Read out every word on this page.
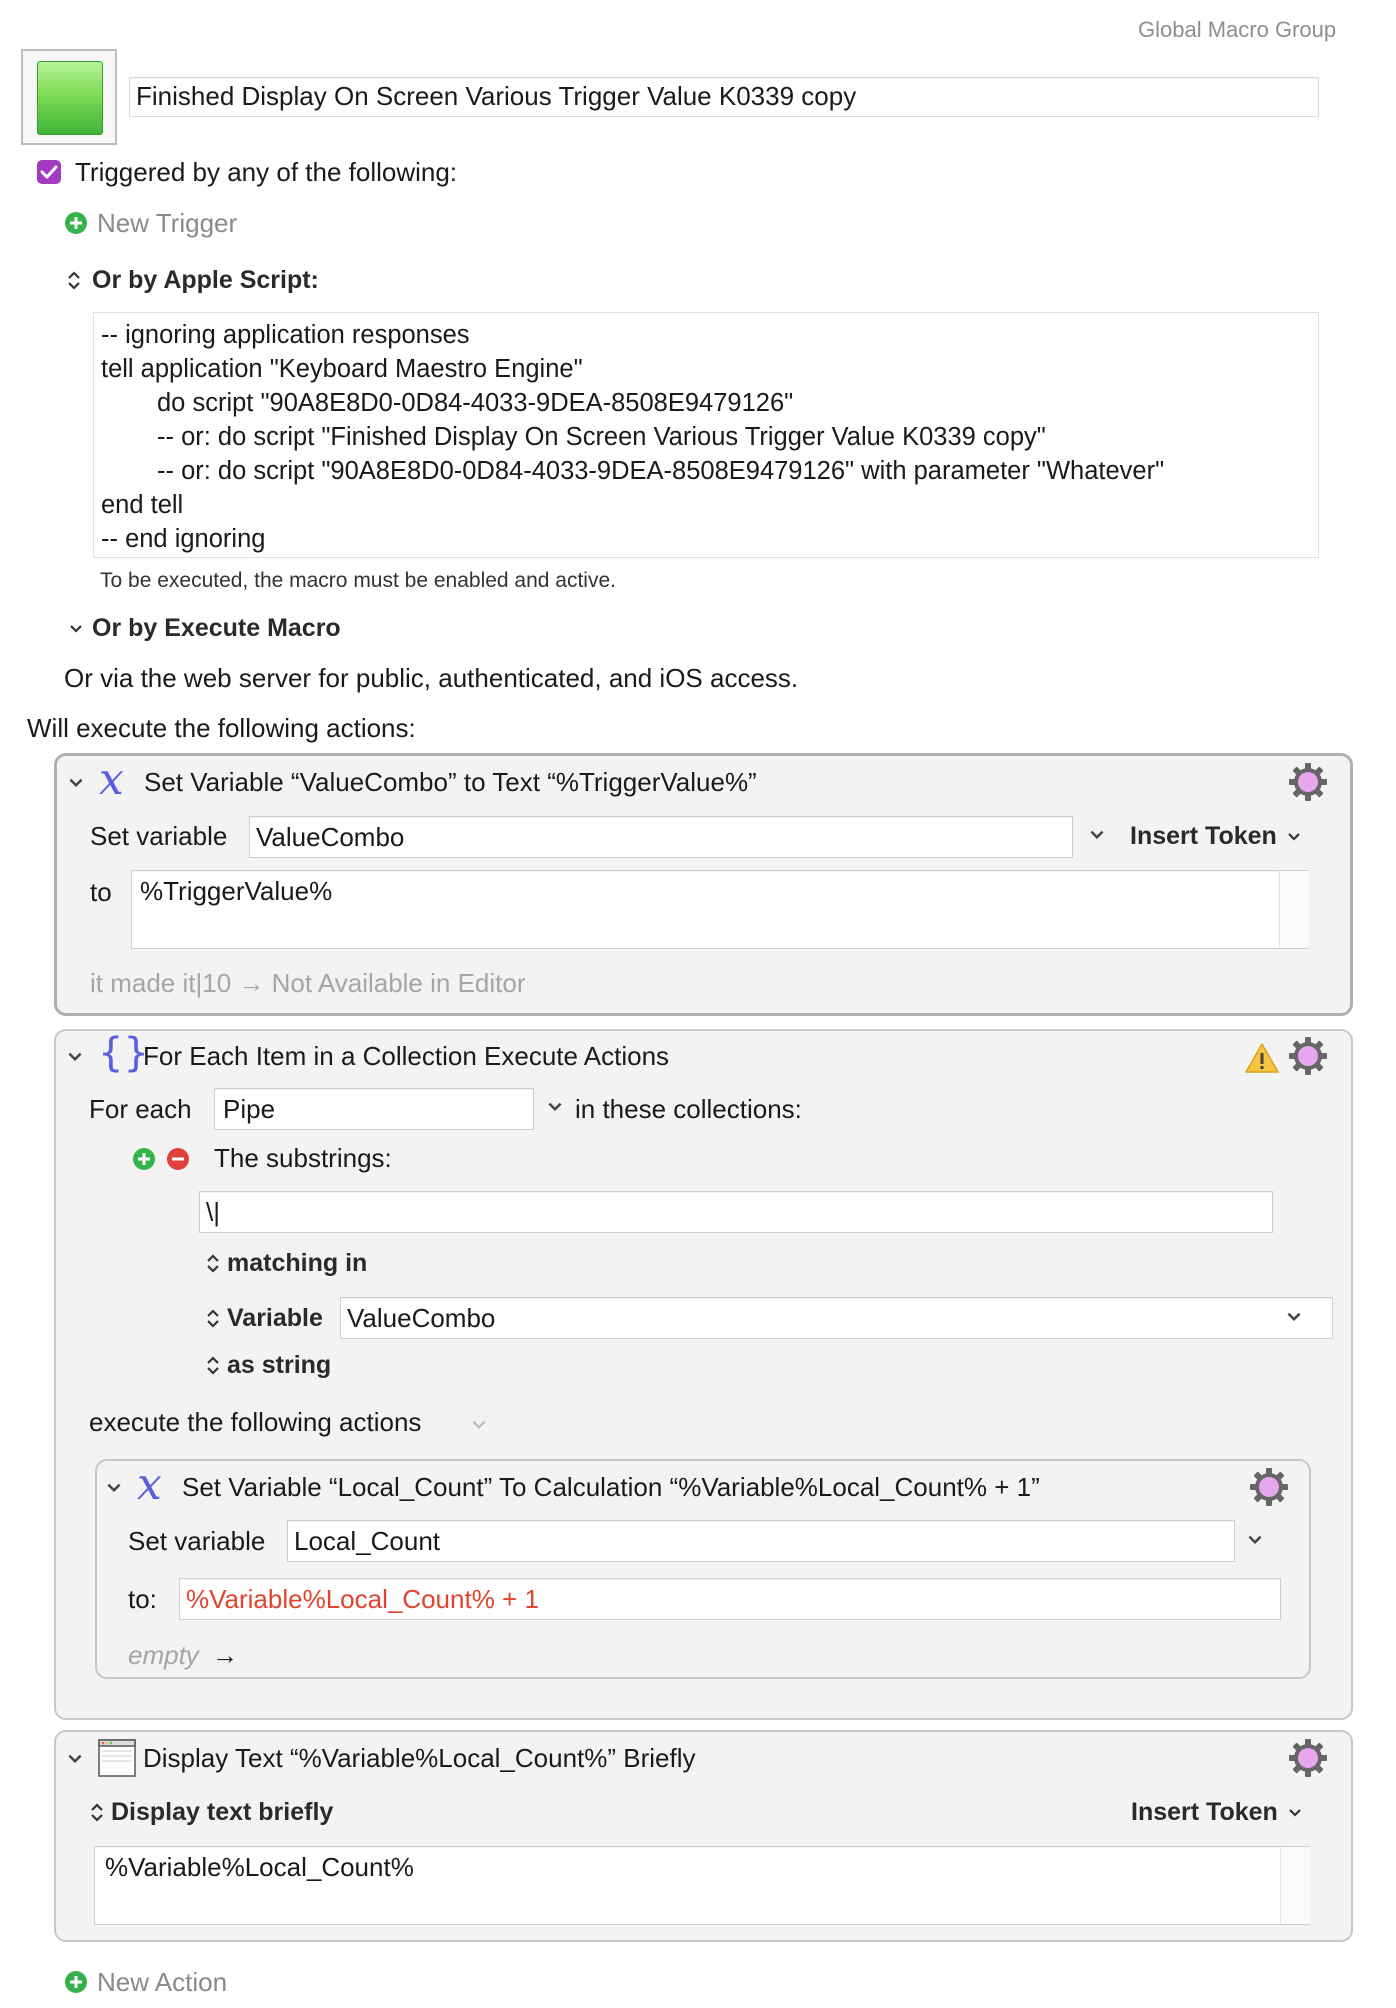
Global Macro Group
Finished Display On Screen Various Trigger Value K0339 copy
Triggered by any of the following:
New Trigger
Or by Apple Script:
-- ignoring application responses
tell application "Keyboard Maestro Engine"
do script "90A8E8D0-0D84-4033-9DEA-8508E9479126"
-- or: do script "Finished Display On Screen Various Trigger Value K0339 copy"
-- or: do script "90A8E8D0-0D84-4033-9DEA-8508E9479126" with parameter "Whatever"
end tell
-- end ignoring
To be executed, the macro must be enabled and active.
Or by Execute Macro
Or via the web server for public, authenticated, and iOS access.
Will execute the following actions:
𝑥 Set Variable “ValueCombo” to Text “%TriggerValue%”
Set variable ValueCombo	Insert Token
to	%TriggerValue%
it made it|10 → Not Available in Editor
{}
For Each Item in a Collection Execute Actions
For each	Pipe	in these collections:
The substrings:
\|
matching in
Variable ValueCombo
as string
execute the following actions
𝑥 Set Variable “Local_Count” To Calculation “%Variable%Local_Count% + 1”
Set variable Local_Count
to: %Variable%Local_Count% + 1
empty →
Display Text “%Variable%Local_Count%” Briefly
Display text briefly	Insert Token
%Variable%Local_Count%
New Action
